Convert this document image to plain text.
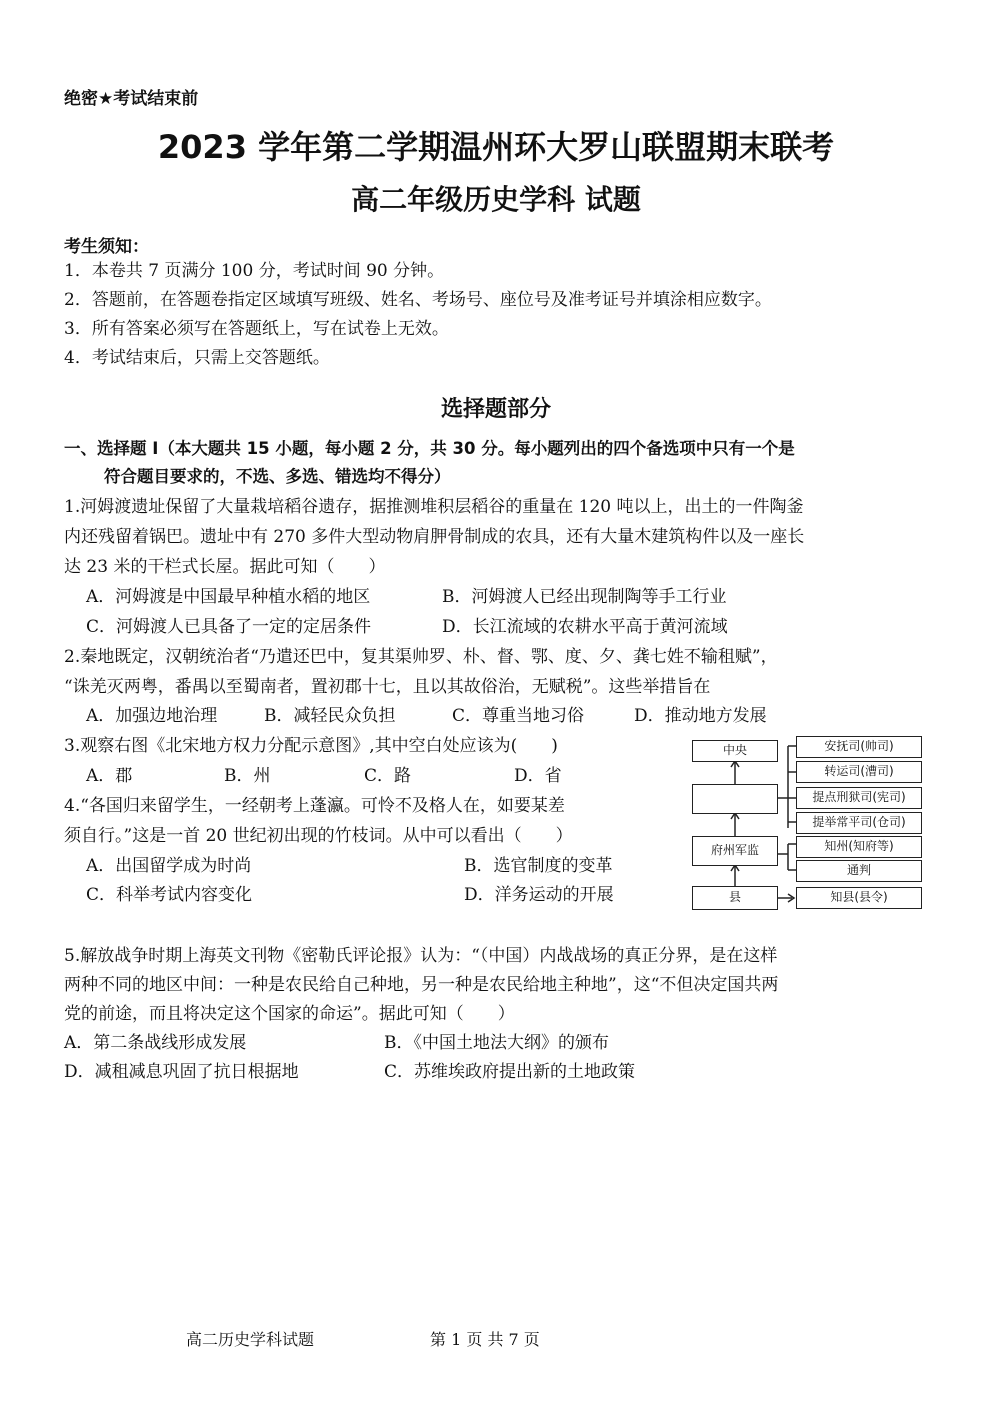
绝密★考试结束前
2023 学年第二学期温州环大罗山联盟期末联考
高二年级历史学科 试题
考生须知：
1．本卷共 7 页满分 100 分，考试时间 90 分钟。
2．答题前，在答题卷指定区域填写班级、姓名、考场号、座位号及准考证号并填涂相应数字。
3．所有答案必须写在答题纸上，写在试卷上无效。
4．考试结束后，只需上交答题纸。
选择题部分
一、选择题 I（本大题共 15 小题，每小题 2 分，共 30 分。每小题列出的四个备选项中只有一个是
符合题目要求的，不选、多选、错选均不得分）
1.河姆渡遗址保留了大量栽培稻谷遗存，据推测堆积层稻谷的重量在 120 吨以上，出土的一件陶釜
内还残留着锅巴。遗址中有 270 多件大型动物肩胛骨制成的农具，还有大量木建筑构件以及一座长
达 23 米的干栏式长屋。据此可知（　　）
A．河姆渡是中国最早种植水稻的地区	B．河姆渡人已经出现制陶等手工行业
C．河姆渡人已具备了一定的定居条件	D．长江流域的农耕水平高于黄河流域
2.秦地既定，汉朝统治者“乃遣还巴中，复其渠帅罗、朴、督、鄂、度、夕、龚七姓不输租赋”，
“诛羌灭两粤，番禺以至蜀南者，置初郡十七，且以其故俗治，无赋税”。这些举措旨在
A．加强边地治理	B．减轻民众负担	C．尊重当地习俗	D．推动地方发展
3.观察右图《北宋地方权力分配示意图》,其中空白处应该为(　　)
A．郡	B．州	C．路	D．省
4.“各国归来留学生，一经朝考上蓬瀛。可怜不及格人在，如要某差
须自行。”这是一首 20 世纪初出现的竹枝词。从中可以看出（　　）
A．出国留学成为时尚	B．选官制度的变革
C．科举考试内容变化	D．洋务运动的开展
中央
府州军监
县
安抚司(帅司)
转运司(漕司)
提点刑狱司(宪司)
提举常平司(仓司)
知州(知府等)
通判
知县(县令)
5.解放战争时期上海英文刊物《密勒氏评论报》认为：“（中国）内战战场的真正分界，是在这样
两种不同的地区中间：一种是农民给自己种地，另一种是农民给地主种地”，这“不但决定国共两
党的前途，而且将决定这个国家的命运”。据此可知（　　）
A．第二条战线形成发展	B．《中国土地法大纲》的颁布
D．减租减息巩固了抗日根据地	C．苏维埃政府提出新的土地政策
高二历史学科试题	第 1 页 共 7 页
